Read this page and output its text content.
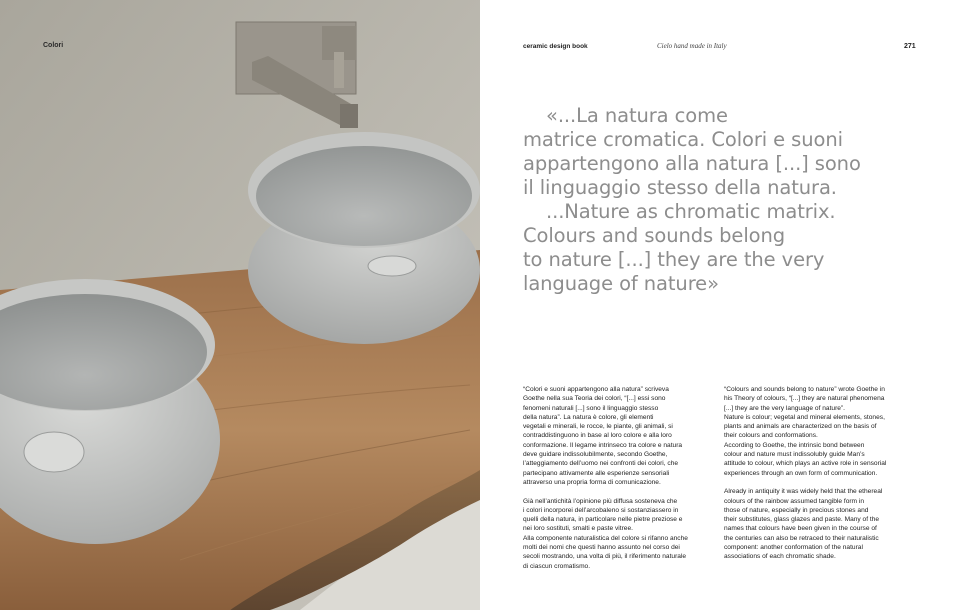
Colori	ceramic design book	Cielo hand made in Italy	271
«...La natura come
matrice cromatica. Colori e suoni
appartengono alla natura [...] sono
il linguaggio stesso della natura.
...Nature as chromatic matrix.
Colours and sounds belong
to nature [...] they are the very
language of nature»
“Colori e suoni appartengono alla natura” scriveva
Goethe nella sua Teoria dei colori, “[...] essi sono
fenomeni naturali [...] sono il linguaggio stesso
della natura”. La natura è colore, gli elementi
vegetali e minerali, le rocce, le piante, gli animali, si
contraddistinguono in base al loro colore e alla loro
conformazione. Il legame intrinseco tra colore e natura
deve guidare indissolubilmente, secondo Goethe,
l’atteggiamento dell’uomo nei confronti dei colori, che
partecipano attivamente alle esperienze sensoriali
attraverso una propria forma di comunicazione.
Già nell’antichità l’opinione più diffusa sosteneva che
i colori incorporei dell’arcobaleno si sostanziassero in
quelli della natura, in particolare nelle pietre preziose e
nei loro sostituti, smalti e paste vitree.
Alla componente naturalistica del colore si rifanno anche
molti dei nomi che questi hanno assunto nel corso dei
secoli mostrando, una volta di più, il riferimento naturale
di ciascun cromatismo.
“Colours and sounds belong to nature” wrote Goethe in
his Theory of colours, “[...] they are natural phenomena
[...] they are the very language of nature”.
Nature is colour; vegetal and mineral elements, stones,
plants and animals are characterized on the basis of
their colours and conformations.
According to Goethe, the intrinsic bond between
colour and nature must indissolubly guide Man’s
attitude to colour, which plays an active role in sensorial
experiences through an own form of communication.
Already in antiquity it was widely held that the ethereal
colours of the rainbow assumed tangible form in
those of nature, especially in precious stones and
their substitutes, glass glazes and paste. Many of the
names that colours have been given in the course of
the centuries can also be retraced to their naturalistic
component: another conformation of the natural
associations of each chromatic shade.
